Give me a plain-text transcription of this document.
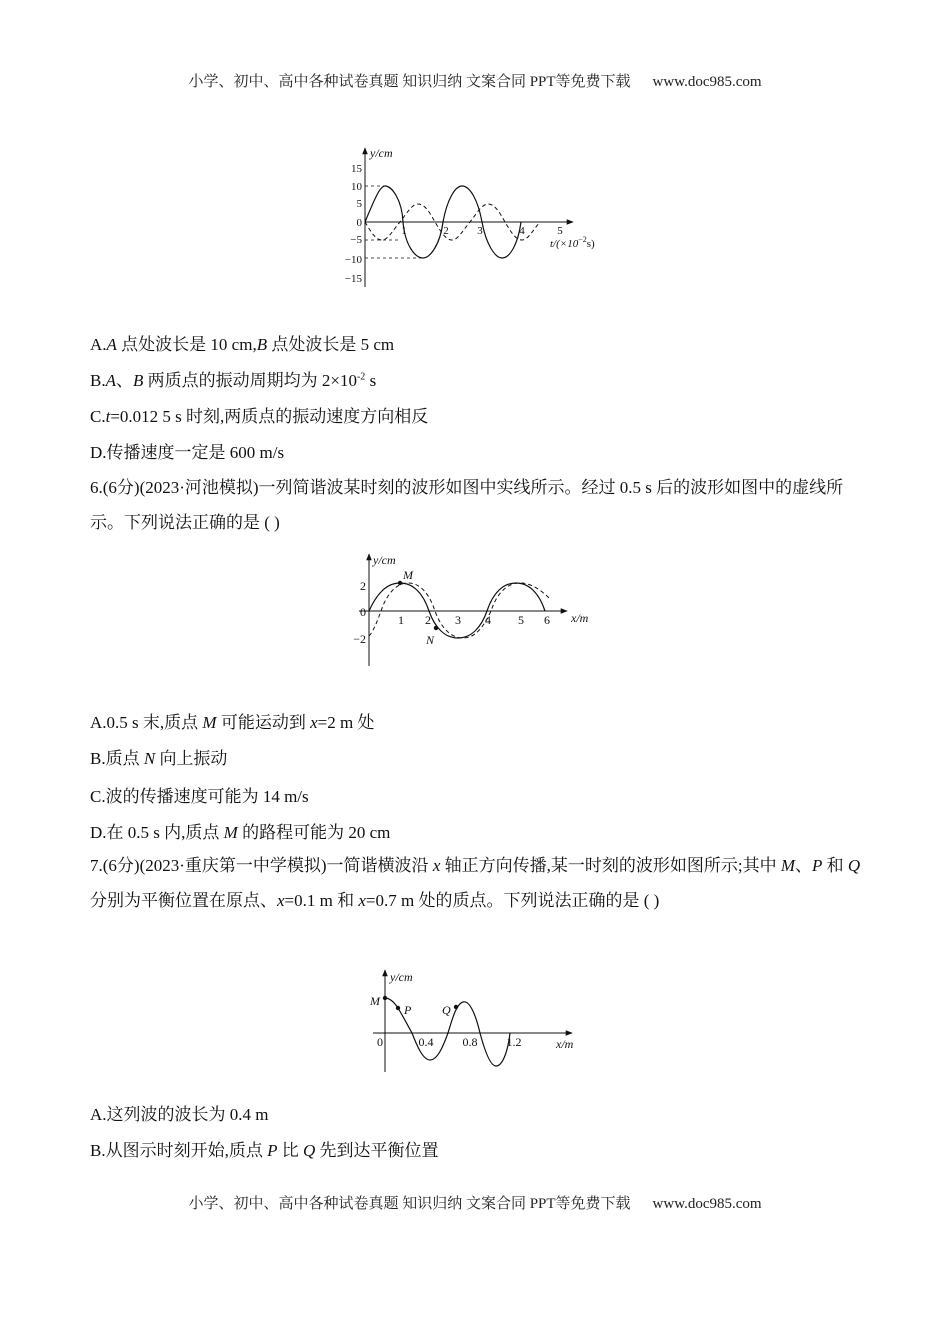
小学、初中、高中各种试卷真题 知识归纳 文案合同 PPT等免费下载 www.doc985.com
y/cm
15
10
5
0
−5
−10
−15
1	2	3	4	5
$t/(\times 10^{-2}s)$
A.A 点处波长是 10 cm,B 点处波长是 5 cm
B.A、B 两质点的振动周期均为 $2\times 10^{-2}$ s
C.t=0.012 5 s 时刻,两质点的振动速度方向相反
D.传播速度一定是 600 m/s
6.(6分)(2023·河池模拟)一列简谐波某时刻的波形如图中实线所示。经过 0.5 s 后的波形如图中的虚线所示。下列说法正确的是 ( )
y/cm
2
0
−2
1 2 3 4 5 6 x/m
M
N
A.0.5 s 末,质点 M 可能运动到 x=2 m 处
B.质点 N 向上振动
C.波的传播速度可能为 14 m/s
D.在 0.5 s 内,质点 M 的路程可能为 20 cm
7.(6分)(2023·重庆第一中学模拟)一简谐横波沿 x 轴正方向传播,某一时刻的波形如图所示;其中 M、P 和 Q 分别为平衡位置在原点、x=0.1 m 和 x=0.7 m 处的质点。下列说法正确的是 ( )
y/cm
0	0.4 0.8 1.2	x/m
M
P	Q
A.这列波的波长为 0.4 m
B.从图示时刻开始,质点 P 比 Q 先到达平衡位置
小学、初中、高中各种试卷真题 知识归纳 文案合同 PPT等免费下载 www.doc985.com
